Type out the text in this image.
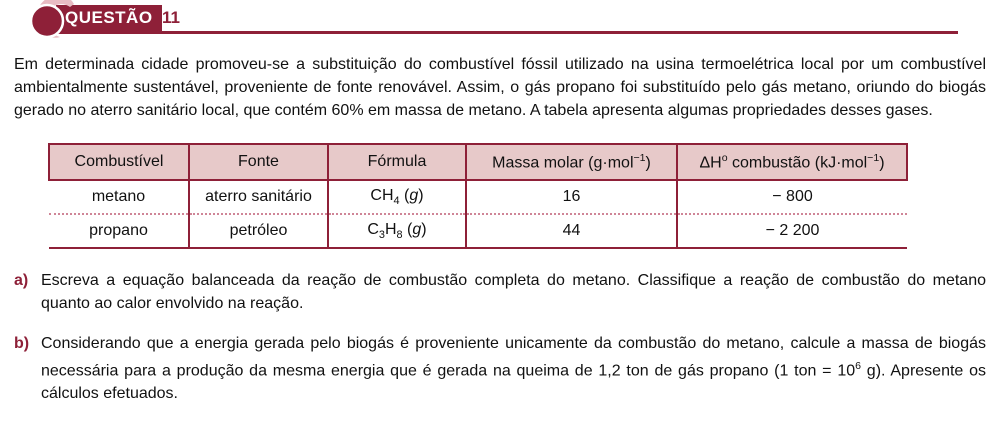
QUESTÃO 11

Em determinada cidade promoveu-se a substituição do combustível fóssil utilizado na usina termoelétrica local por um combustível ambientalmente sustentável, proveniente de fonte renovável. Assim, o gás propano foi substituído pelo gás metano, oriundo do biogás gerado no aterro sanitário local, que contém 60% em massa de metano. A tabela apresenta algumas propriedades desses gases.

Combustível	Fonte	Fórmula	Massa molar (g·mol$^{-1}$)	$\Delta H^o$ combustão (kJ·mol$^{-1}$)
metano	aterro sanitário	$CH_4$ (g)	16	− 800
propano	petróleo	$C_3H_8$ (g)	44	− 2 200
a) Escreva a equação balanceada da reação de combustão completa do metano. Classifique a reação de combustão do metano quanto ao calor envolvido na reação.
b) Considerando que a energia gerada pelo biogás é proveniente unicamente da combustão do metano, calcule a massa de biogás necessária para a produção da mesma energia que é gerada na queima de 1,2 ton de gás propano (1 ton = $10^6$ g). Apresente os cálculos efetuados.
